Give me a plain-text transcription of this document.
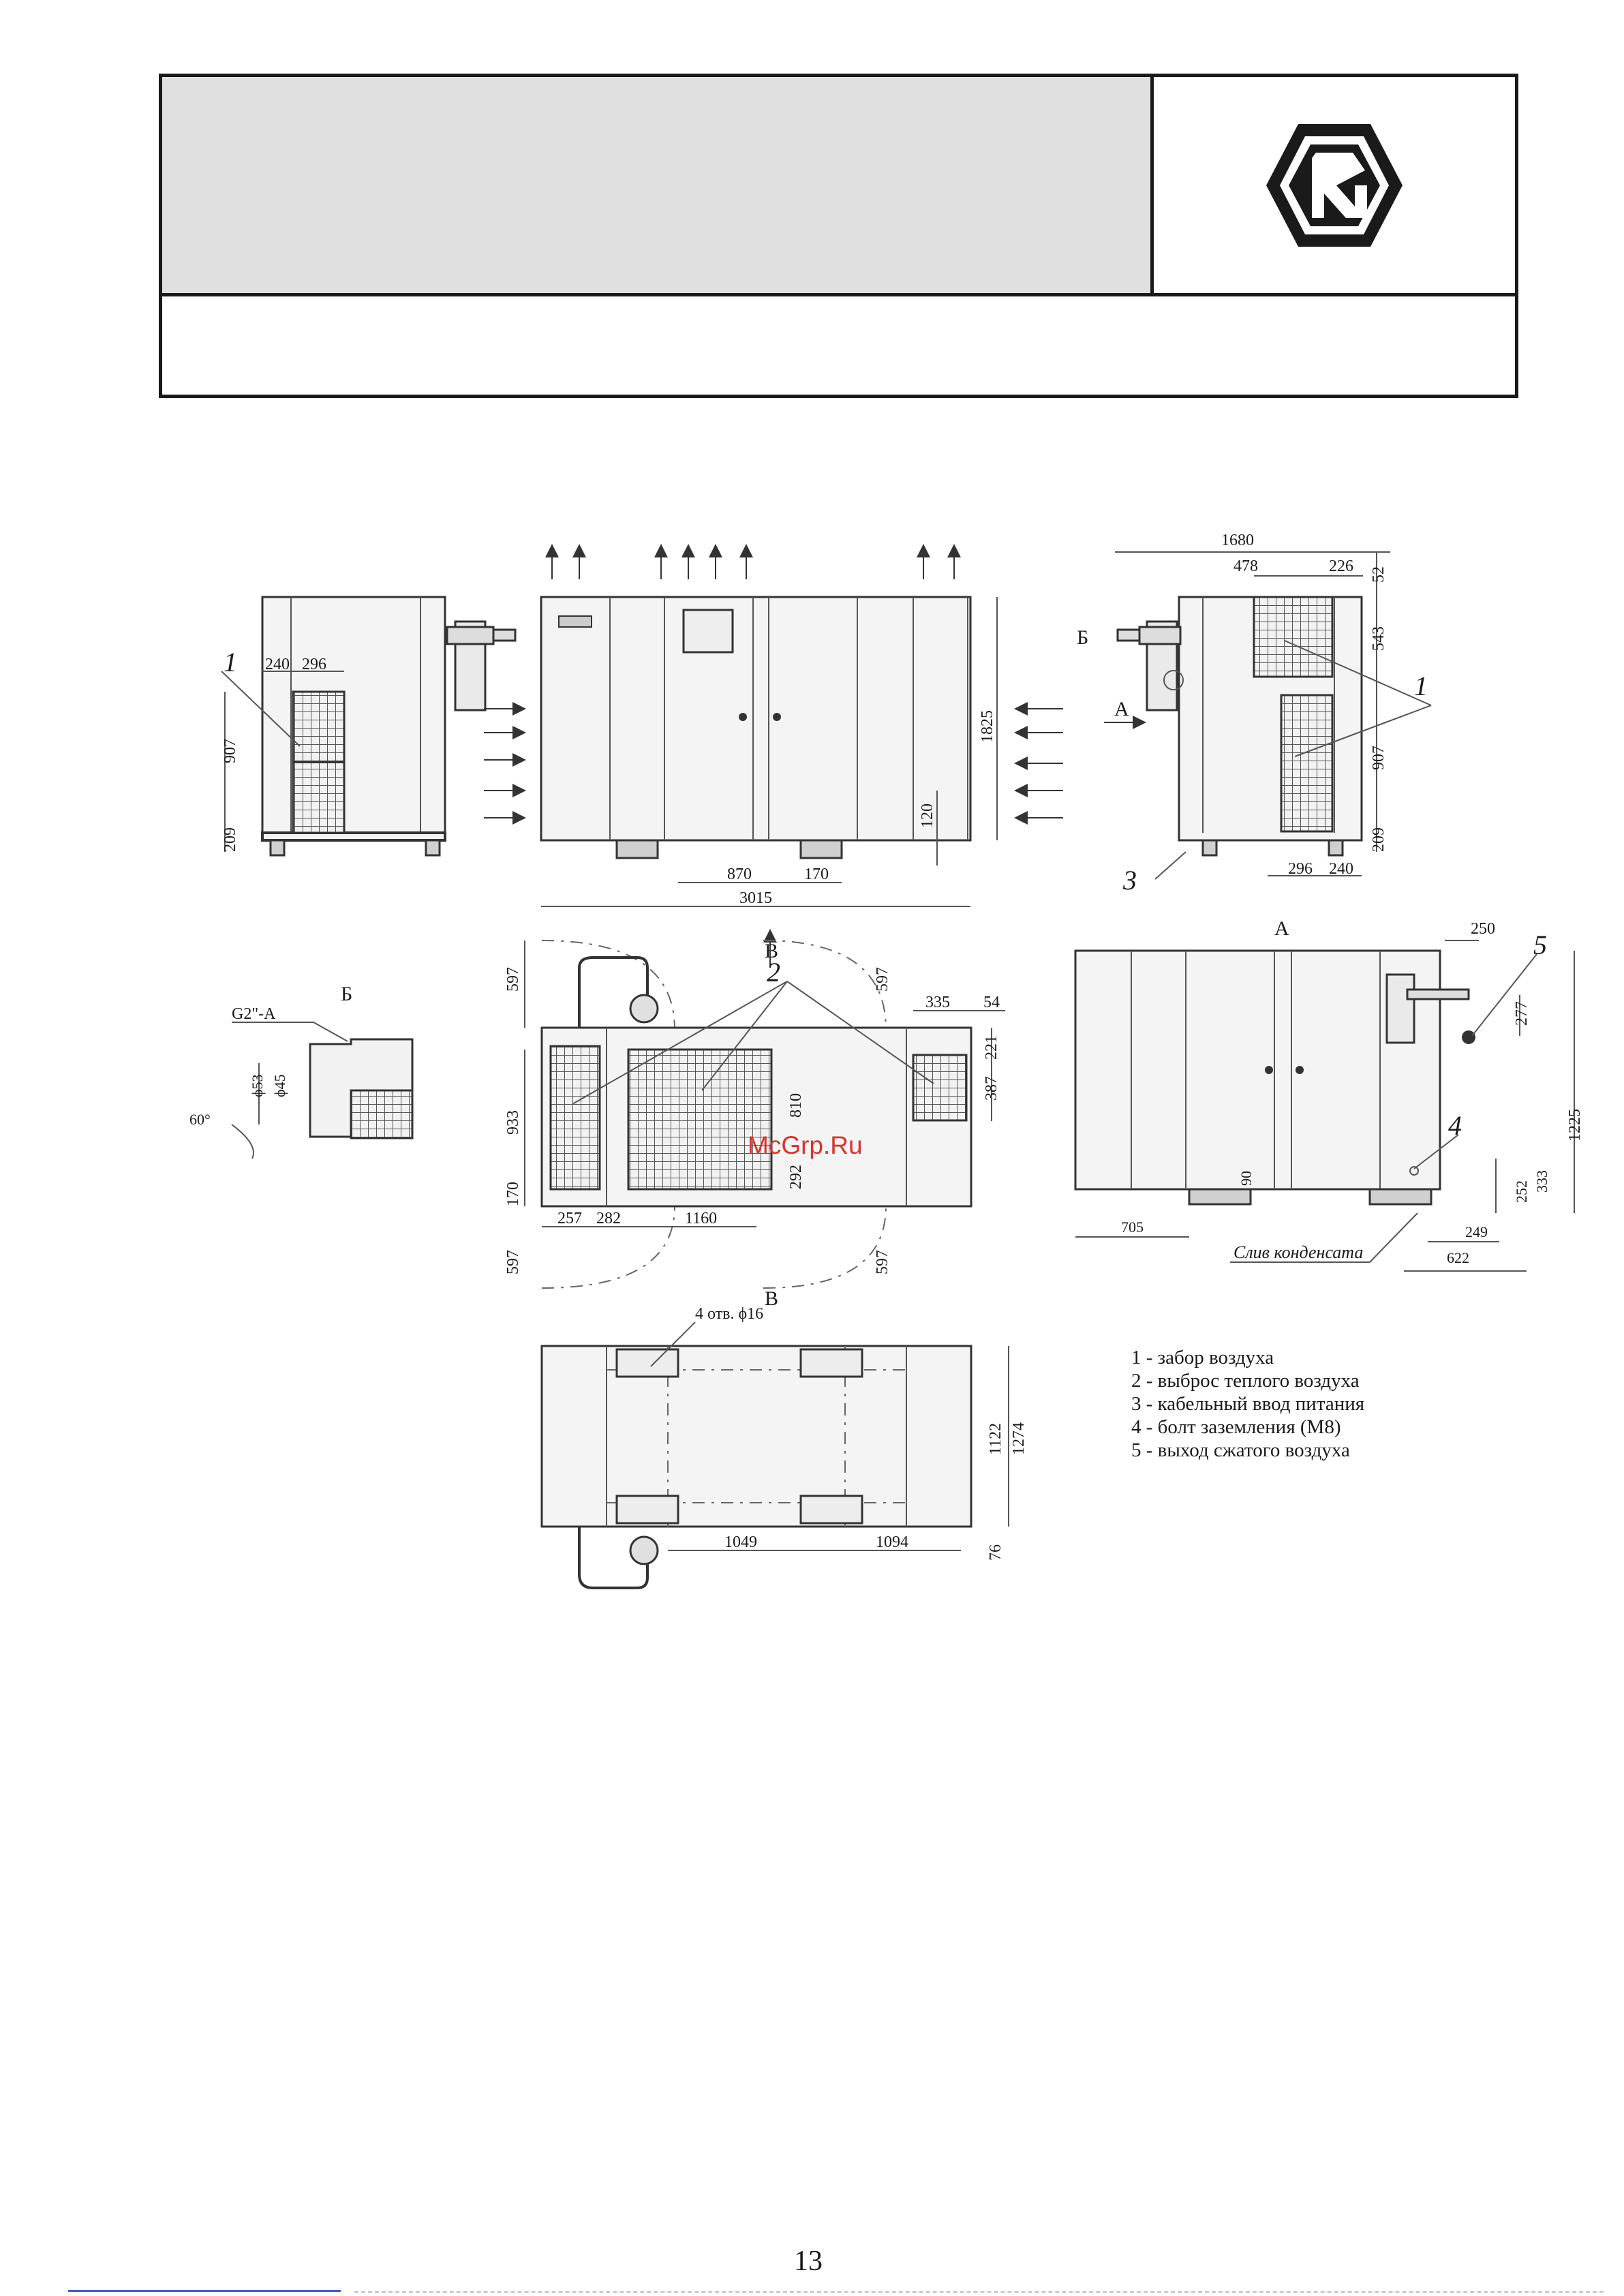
240 296
907
209
1
1825
120
870	170
3015
Б
А
1680
478	226 52
543
907
209
296 240
1
3
Б
G2"-A
ϕ53 ϕ45
60°
В
597	597
335 54
221
387
933
810
292
170
257 282	1160
597	597
2
А	250
277
1225
90
252 333
249
705
622
Слив конденсата
4
5
В
4 отв. ϕ16
1122 1274
76
1049	1094
1 - забор воздуха
2 - выброс теплого воздуха
3 - кабельный ввод питания
4 - болт заземления (М8)
5 - выход сжатого воздуха
McGrp.Ru
13
